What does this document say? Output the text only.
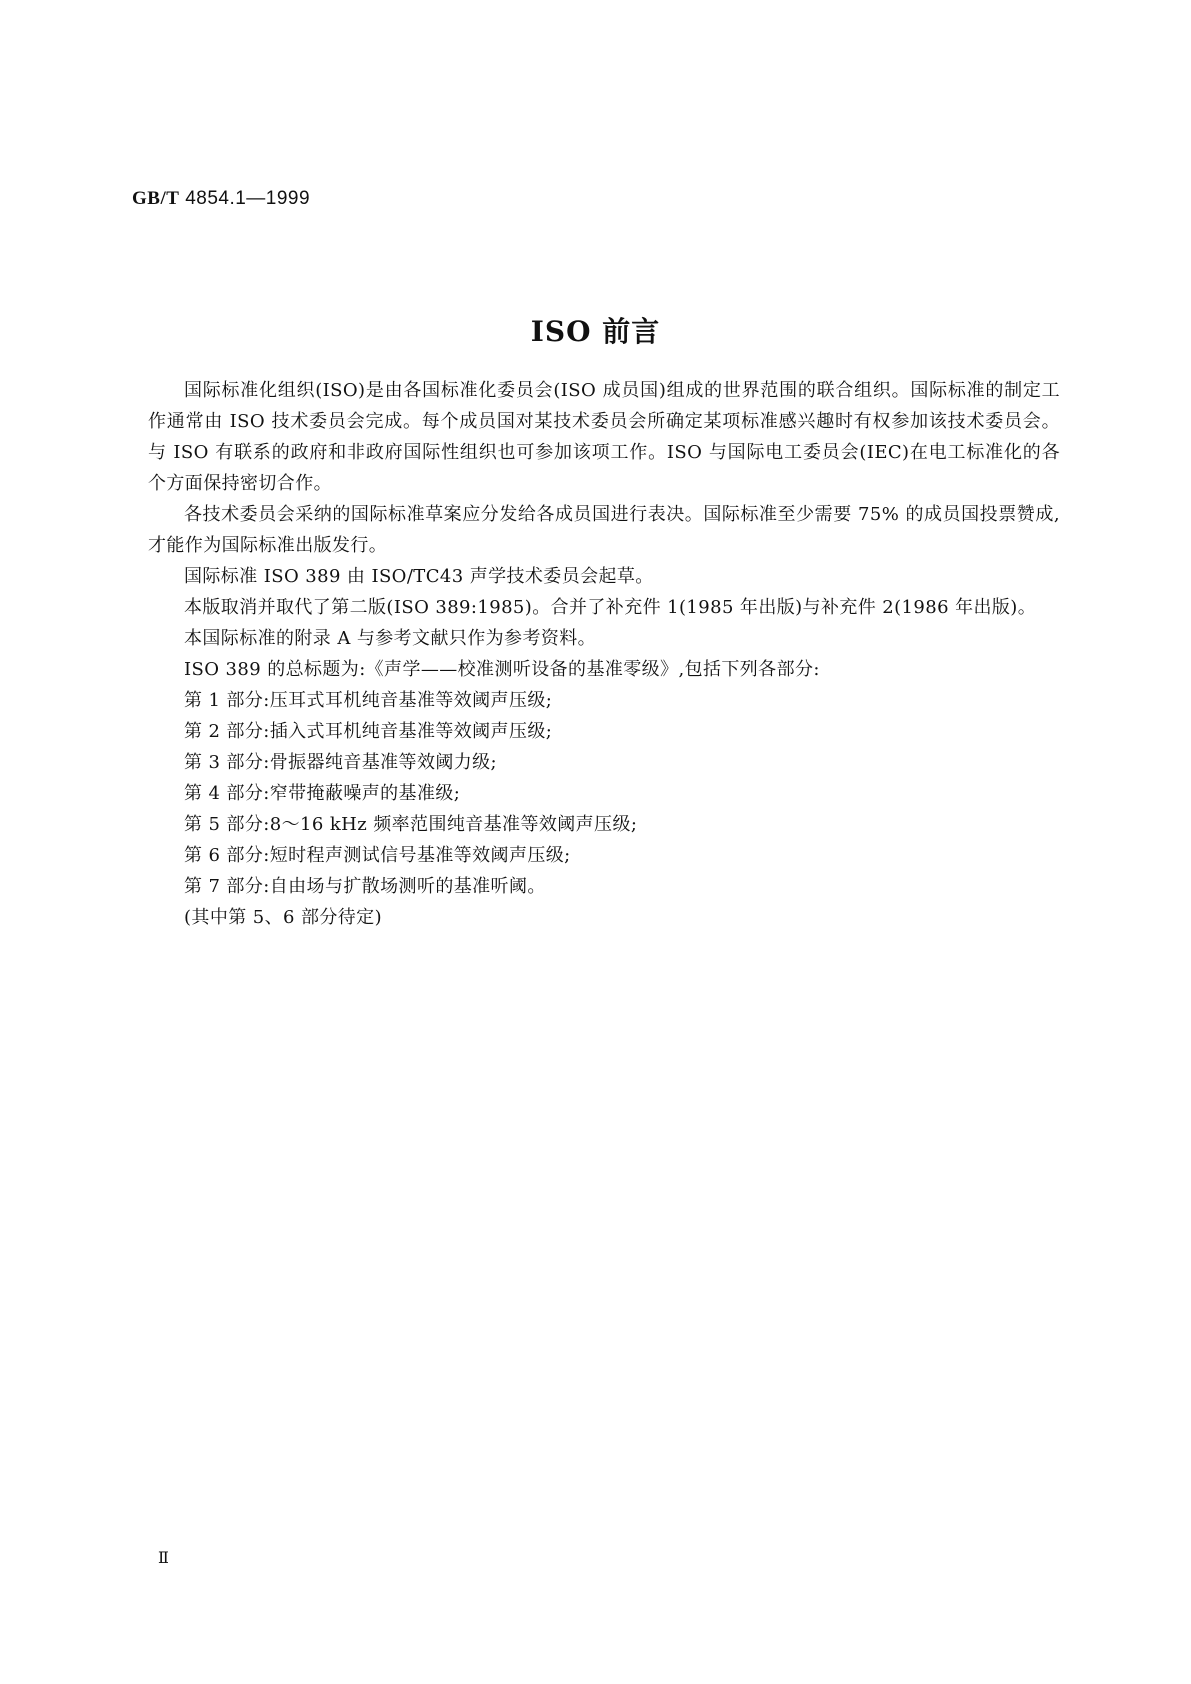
GB/T 4854.1—1999
ISO 前言

国际标准化组织(ISO)是由各国标准化委员会(ISO 成员国)组成的世界范围的联合组织。国际标准的制定工作通常由 ISO 技术委员会完成。每个成员国对某技术委员会所确定某项标准感兴趣时有权参加该技术委员会。与 ISO 有联系的政府和非政府国际性组织也可参加该项工作。ISO 与国际电工委员会(IEC)在电工标准化的各个方面保持密切合作。

各技术委员会采纳的国际标准草案应分发给各成员国进行表决。国际标准至少需要 75% 的成员国投票赞成,才能作为国际标准出版发行。

国际标准 ISO 389 由 ISO/TC43 声学技术委员会起草。

本版取消并取代了第二版(ISO 389:1985)。合并了补充件 1(1985 年出版)与补充件 2(1986 年出版)。

本国际标准的附录 A 与参考文献只作为参考资料。

ISO 389 的总标题为:《声学——校准测听设备的基准零级》,包括下列各部分:

第 1 部分:压耳式耳机纯音基准等效阈声压级;

第 2 部分:插入式耳机纯音基准等效阈声压级;

第 3 部分:骨振器纯音基准等效阈力级;

第 4 部分:窄带掩蔽噪声的基准级;

第 5 部分:8～16 kHz 频率范围纯音基准等效阈声压级;

第 6 部分:短时程声测试信号基准等效阈声压级;

第 7 部分:自由场与扩散场测听的基准听阈。

(其中第 5、6 部分待定)

Ⅱ
